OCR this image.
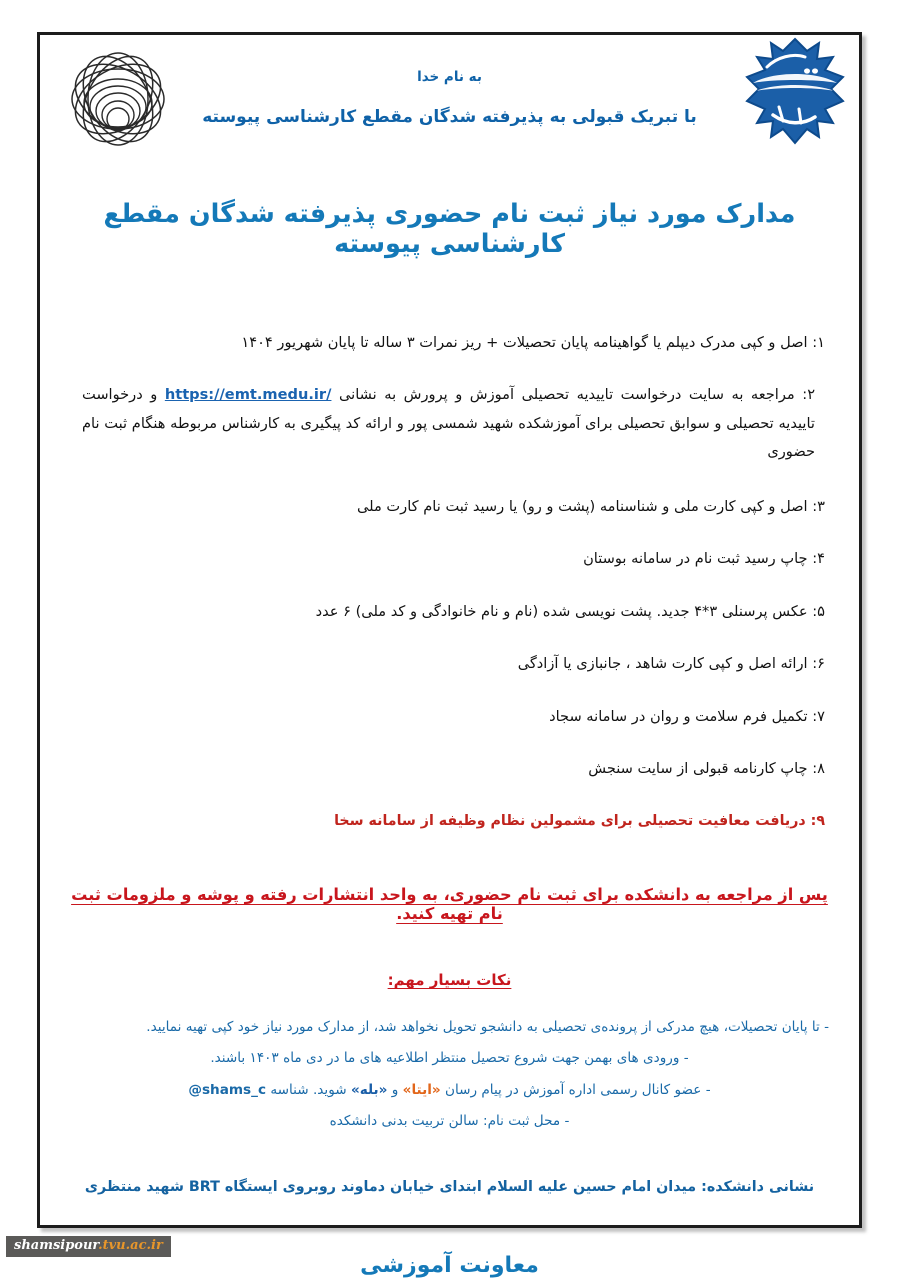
به نام خدا
با تبریک قبولی به پذیرفته شدگان مقطع کارشناسی پیوسته
مدارک مورد نیاز ثبت نام حضوری پذیرفته شدگان مقطع کارشناسی پیوسته
۱: اصل و کپی مدرک دیپلم یا گواهینامه پایان تحصیلات + ریز نمرات ۳ ساله تا پایان شهریور ۱۴۰۴
۲: مراجعه به سایت درخواست تاییدیه تحصیلی آموزش و پرورش به نشانی https://emt.medu.ir/ و درخواست تاییدیه تحصیلی و سوابق تحصیلی برای آموزشکده شهید شمسی پور و ارائه کد پیگیری به کارشناس مربوطه هنگام ثبت نام حضوری
۳: اصل و کپی کارت ملی و شناسنامه (پشت و رو) یا رسید ثبت نام کارت ملی
۴: چاپ رسید ثبت نام در سامانه بوستان
۵: عکس پرسنلی ۳*۴ جدید. پشت نویسی شده (نام و نام خانوادگی و کد ملی) ۶ عدد
۶: ارائه اصل و کپی کارت شاهد ، جانبازی یا آزادگی
۷: تکمیل فرم سلامت و روان در سامانه سجاد
۸: چاپ کارنامه قبولی از سایت سنجش
۹: دریافت معافیت تحصیلی برای مشمولین نظام وظیفه از سامانه سخا
پس از مراجعه به دانشکده برای ثبت نام حضوری، به واحد انتشارات رفته و پوشه و ملزومات ثبت نام تهیه کنید.
نکات بسیار مهم:
- تا پایان تحصیلات، هیچ مدرکی از پرونده‌ی تحصیلی به دانشجو تحویل نخواهد شد، از مدارک مورد نیاز خود کپی تهیه نمایید.
- ورودی های بهمن جهت شروع تحصیل منتظر اطلاعیه های ما در دی ماه ۱۴۰۳ باشند.
- عضو کانال رسمی اداره آموزش در پیام رسان «ایتا» و «بله» شوید. شناسه @shams_c
- محل ثبت نام: سالن تربیت بدنی دانشکده
نشانی دانشکده: میدان امام حسین علیه السلام ابتدای خیابان دماوند روبروی ایستگاه BRT شهید منتظری
معاونت آموزشی
shamsipour.tvu.ac.ir
